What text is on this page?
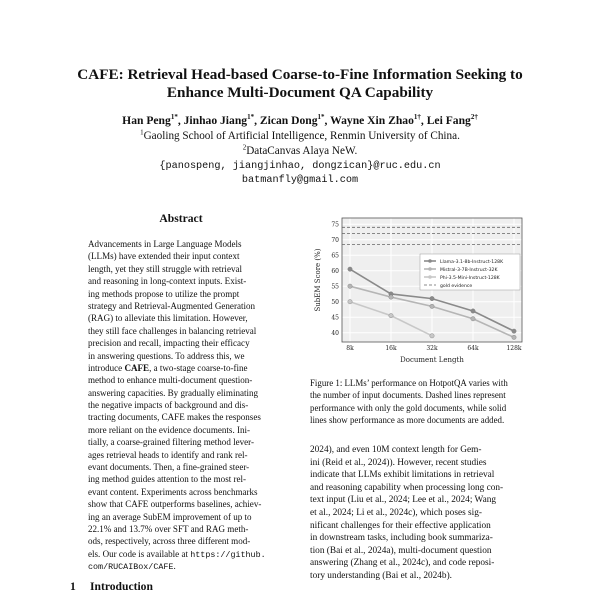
CAFE: Retrieval Head-based Coarse-to-Fine Information Seeking to
Enhance Multi-Document QA Capability
Han Peng$^{1*}$, Jinhao Jiang$^{1*}$, Zican Dong$^{1*}$, Wayne Xin Zhao$^{1\dagger}$, Lei Fang$^{2\dagger}$
$^1$Gaoling School of Artificial Intelligence, Renmin University of China.
$^2$DataCanvas Alaya NeW.
{panospeng, jiangjinhao, dongzican}@ruc.edu.cn
batmanfly@gmail.com
Abstract
Advancements in Large Language Models
(LLMs) have extended their input context
length, yet they still struggle with retrieval
and reasoning in long-context inputs. Exist-
ing methods propose to utilize the prompt
strategy and Retrieval-Augmented Generation
(RAG) to alleviate this limitation. However,
they still face challenges in balancing retrieval
precision and recall, impacting their efficacy
in answering questions. To address this, we
introduce CAFE, a two-stage coarse-to-fine
method to enhance multi-document question-
answering capacities. By gradually eliminating
the negative impacts of background and dis-
tracting documents, CAFE makes the responses
more reliant on the evidence documents. Ini-
tially, a coarse-grained filtering method lever-
ages retrieval heads to identify and rank rel-
evant documents. Then, a fine-grained steer-
ing method guides attention to the most rel-
evant content. Experiments across benchmarks
show that CAFE outperforms baselines, achiev-
ing an average SubEM improvement of up to
22.1% and 13.7% over SFT and RAG meth-
ods, respectively, across three different mod-
els. Our code is available at https://github.
com/RUCAIBox/CAFE.
1 Introduction
40
45
50
55
60
65
70
75
8k	16k	32k	64k	128k
Document Length
SubEM Score (%)	Llama-3.1-8b-Instruct-128K
Mistral-3-7B-Instruct-32K
Phi-3.5-Mini-Instruct-128K
gold evidence
Figure 1: LLMs’ performance on HotpotQA varies with
the number of input documents. Dashed lines represent
performance with only the gold documents, while solid
lines show performance as more documents are added.
2024), and even 10M context length for Gem-
ini (Reid et al., 2024)). However, recent studies
indicate that LLMs exhibit limitations in retrieval
and reasoning capability when processing long con-
text input (Liu et al., 2024; Lee et al., 2024; Wang
et al., 2024; Li et al., 2024c), which poses sig-
nificant challenges for their effective application
in downstream tasks, including book summariza-
tion (Bai et al., 2024a), multi-document question
answering (Zhang et al., 2024c), and code reposi-
tory understanding (Bai et al., 2024b).
